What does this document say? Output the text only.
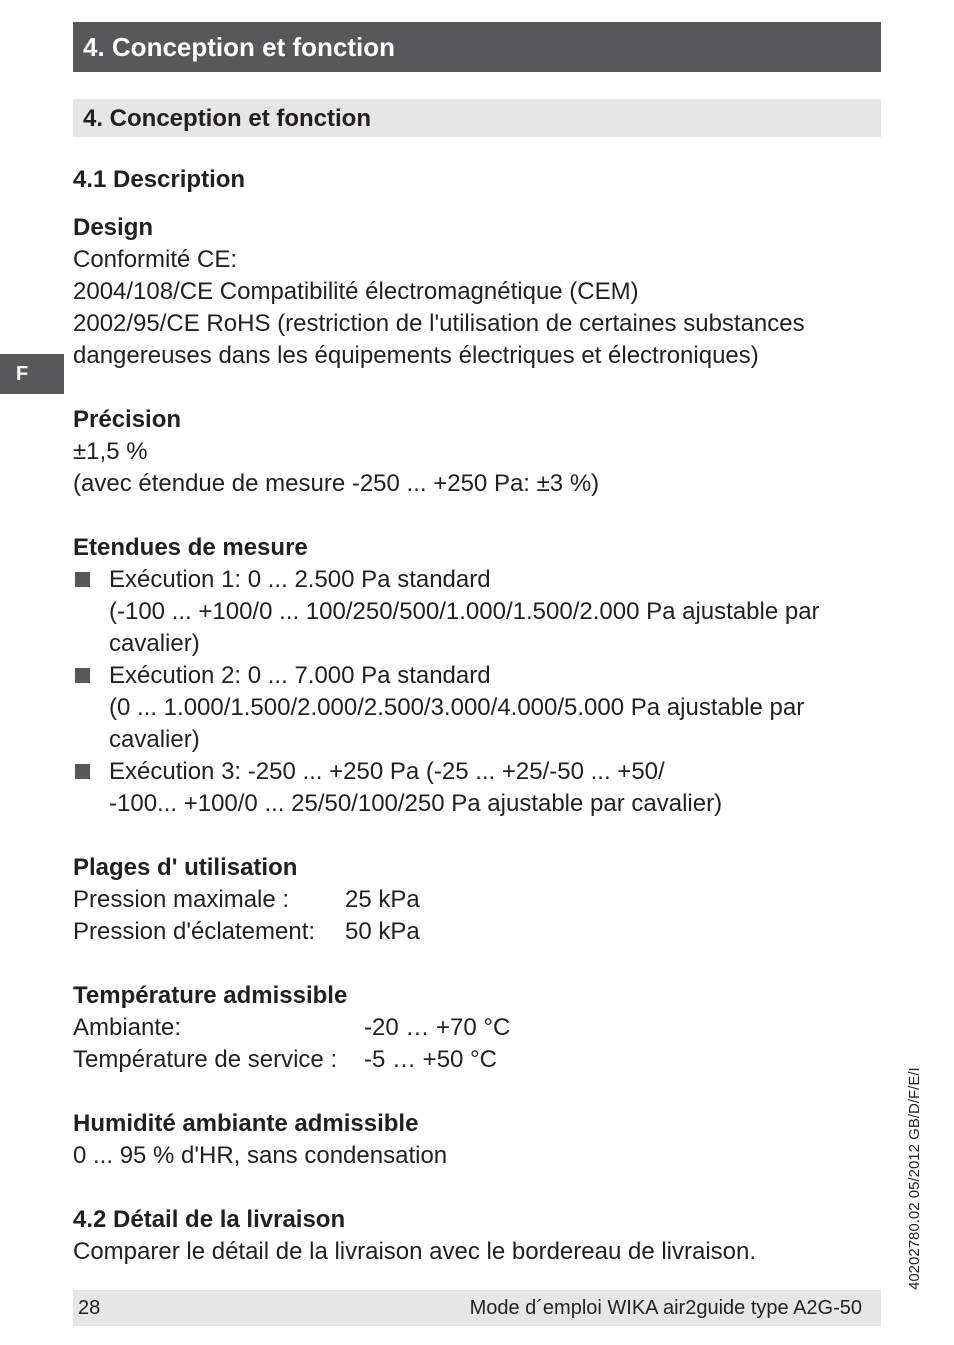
4. Conception et fonction
4. Conception et fonction
F

4.1 Description

Design

Conformité CE:

2004/108/CE Compatibilité électromagnétique (CEM)

2002/95/CE RoHS (restriction de l'utilisation de certaines substances

dangereuses dans les équipements électriques et électroniques)

Précision

±1,5 %

(avec étendue de mesure -250 ... +250 Pa: ±3 %)

Etendues de mesure

Exécution 1: 0 ... 2.500 Pa standard
(-100 ... +100/0 ... 100/250/500/1.000/1.500/2.000 Pa ajustable par
cavalier)
Exécution 2: 0 ... 7.000 Pa standard
(0 ... 1.000/1.500/2.000/2.500/3.000/4.000/5.000 Pa ajustable par
cavalier)
Exécution 3: -250 ... +250 Pa (-25 ... +25/-50 ... +50/
-100... +100/0 ... 25/50/100/250 Pa ajustable par cavalier)

Plages d' utilisation

Pression maximale :	25 kPa
Pression d'éclatement:	50 kPa

Température admissible

Ambiante:	-20 … +70 °C
Température de service :	-5 … +50 °C

Humidité ambiante admissible

0 ... 95 % d'HR, sans condensation

4.2 Détail de la livraison

Comparer le détail de la livraison avec le bordereau de livraison.	40202780.02 05/2012 GB/D/F/E/I
28	Mode d´emploi WIKA air2guide type A2G-50
